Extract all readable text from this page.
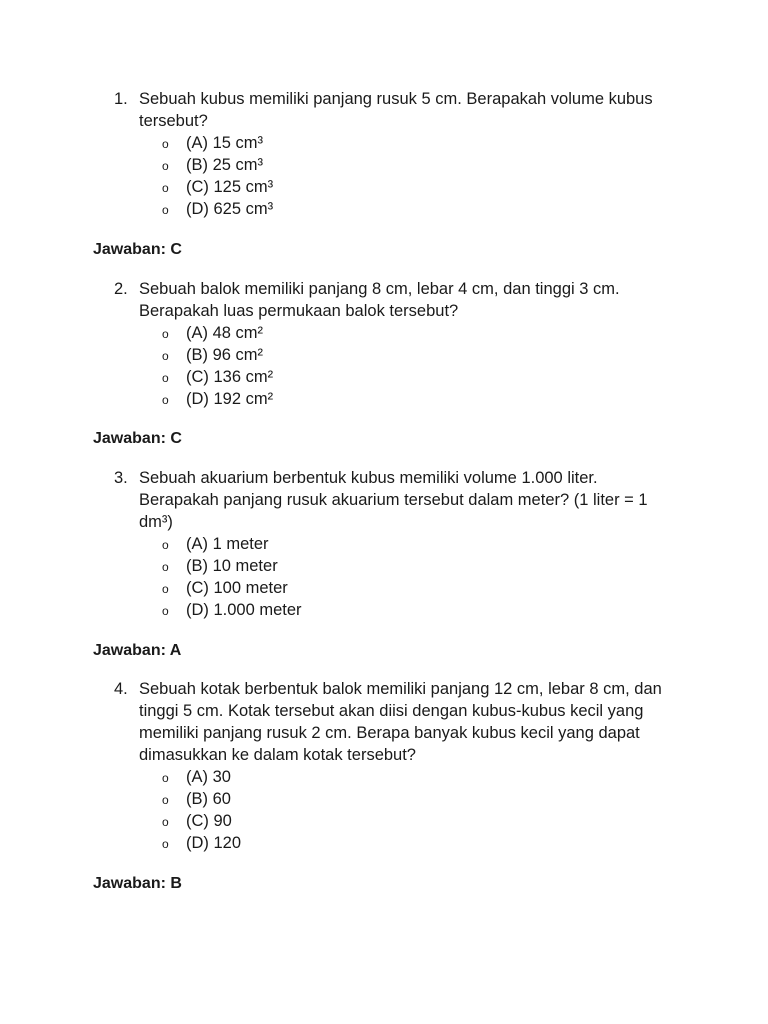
1. Sebuah kubus memiliki panjang rusuk 5 cm. Berapakah volume kubus tersebut?
o (A) 15 cm³
o (B) 25 cm³
o (C) 125 cm³
o (D) 625 cm³
Jawaban: C
2. Sebuah balok memiliki panjang 8 cm, lebar 4 cm, dan tinggi 3 cm. Berapakah luas permukaan balok tersebut?
o (A) 48 cm²
o (B) 96 cm²
o (C) 136 cm²
o (D) 192 cm²
Jawaban: C
3. Sebuah akuarium berbentuk kubus memiliki volume 1.000 liter. Berapakah panjang rusuk akuarium tersebut dalam meter? (1 liter = 1 dm³)
o (A) 1 meter
o (B) 10 meter
o (C) 100 meter
o (D) 1.000 meter
Jawaban: A
4. Sebuah kotak berbentuk balok memiliki panjang 12 cm, lebar 8 cm, dan tinggi 5 cm. Kotak tersebut akan diisi dengan kubus-kubus kecil yang memiliki panjang rusuk 2 cm. Berapa banyak kubus kecil yang dapat dimasukkan ke dalam kotak tersebut?
o (A) 30
o (B) 60
o (C) 90
o (D) 120
Jawaban: B
